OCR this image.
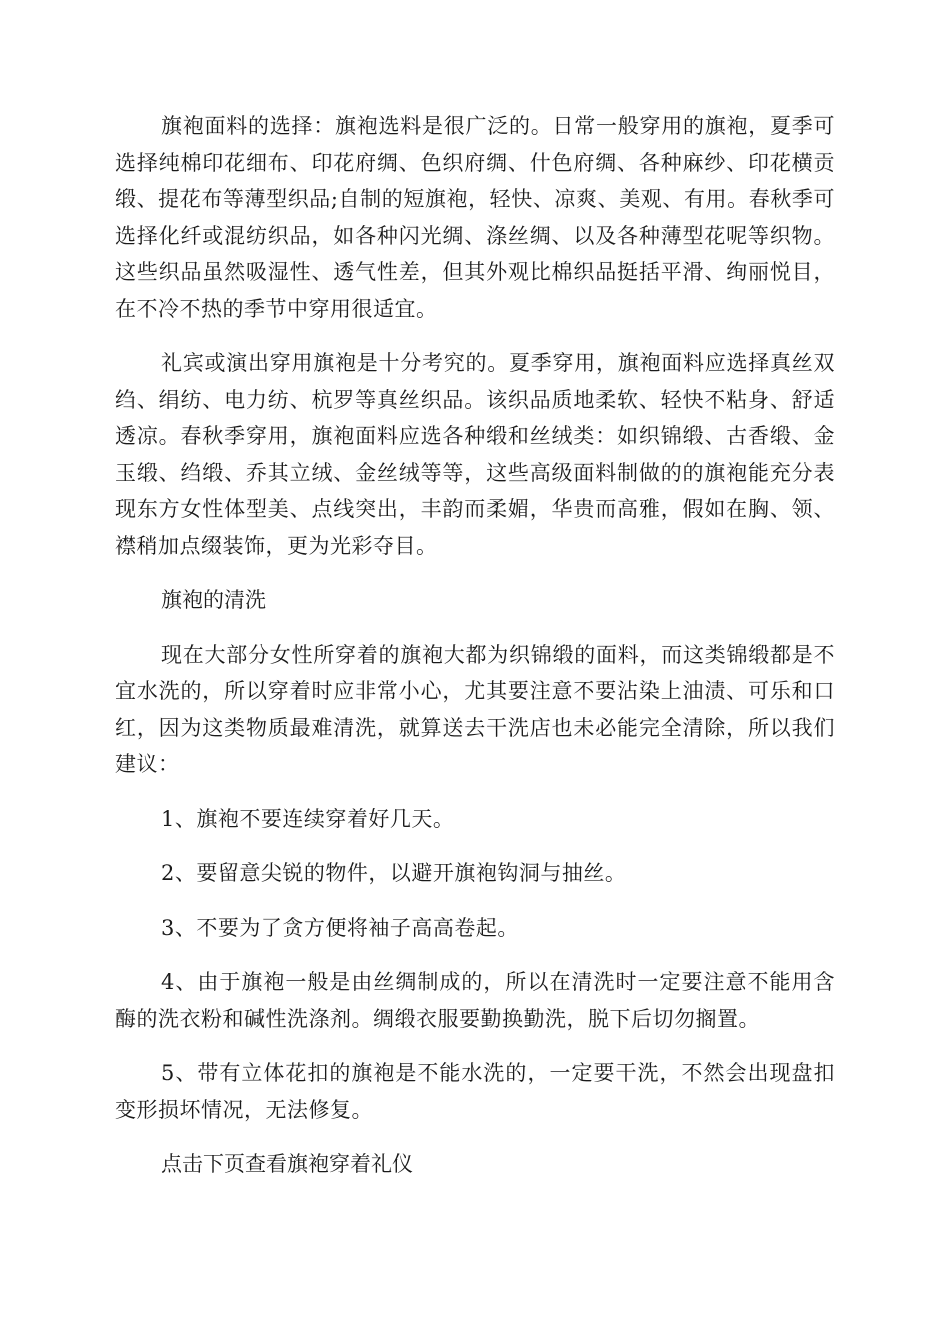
旗袍面料的选择：旗袍选料是很广泛的。日常一般穿用的旗袍，夏季可选择纯棉印花细布、印花府绸、色织府绸、什色府绸、各种麻纱、印花横贡缎、提花布等薄型织品;自制的短旗袍，轻快、凉爽、美观、有用。春秋季可选择化纤或混纺织品，如各种闪光绸、涤丝绸、以及各种薄型花呢等织物。这些织品虽然吸湿性、透气性差，但其外观比棉织品挺括平滑、绚丽悦目，在不冷不热的季节中穿用很适宜。

礼宾或演出穿用旗袍是十分考究的。夏季穿用，旗袍面料应选择真丝双绉、绢纺、电力纺、杭罗等真丝织品。该织品质地柔软、轻快不粘身、舒适透凉。春秋季穿用，旗袍面料应选各种缎和丝绒类：如织锦缎、古香缎、金玉缎、绉缎、乔其立绒、金丝绒等等，这些高级面料制做的的旗袍能充分表现东方女性体型美、点线突出，丰韵而柔媚，华贵而高雅，假如在胸、领、襟稍加点缀装饰，更为光彩夺目。

旗袍的清洗

现在大部分女性所穿着的旗袍大都为织锦缎的面料，而这类锦缎都是不宜水洗的，所以穿着时应非常小心，尤其要注意不要沾染上油渍、可乐和口红，因为这类物质最难清洗，就算送去干洗店也未必能完全清除，所以我们建议：

1、旗袍不要连续穿着好几天。

2、要留意尖锐的物件，以避开旗袍钩洞与抽丝。

3、不要为了贪方便将袖子高高卷起。

4、由于旗袍一般是由丝绸制成的，所以在清洗时一定要注意不能用含酶的洗衣粉和碱性洗涤剂。绸缎衣服要勤换勤洗，脱下后切勿搁置。

5、带有立体花扣的旗袍是不能水洗的，一定要干洗，不然会出现盘扣变形损坏情况，无法修复。

点击下页查看旗袍穿着礼仪
